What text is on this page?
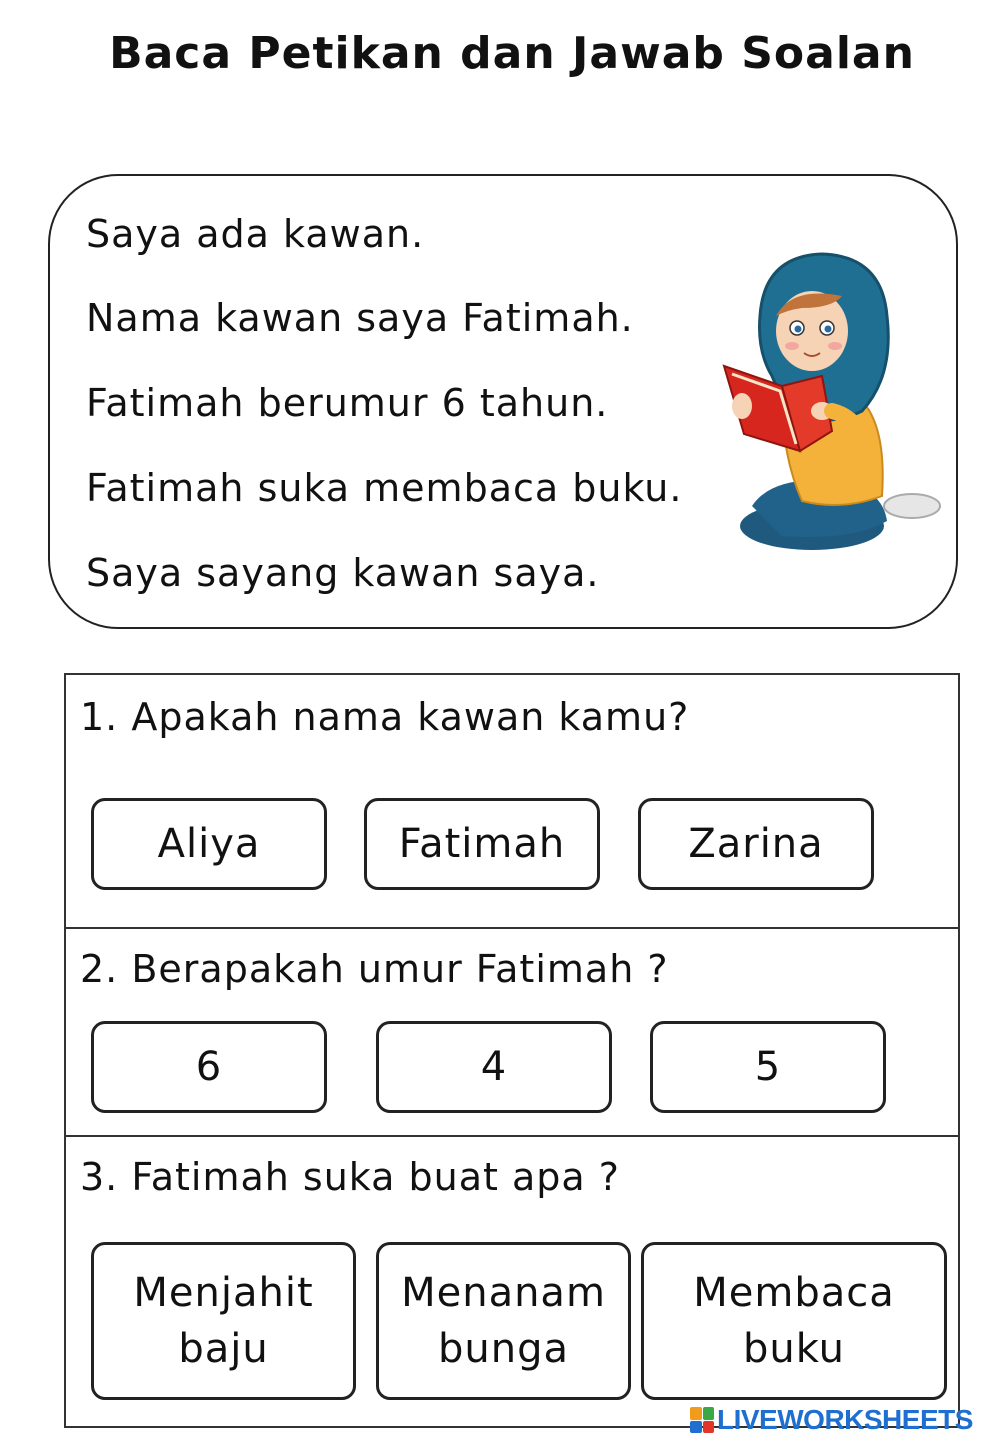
Baca Petikan dan Jawab Soalan
Saya ada kawan.
Nama kawan saya Fatimah.
Fatimah berumur 6 tahun.
Fatimah suka membaca buku.
Saya sayang kawan saya.
1. Apakah nama kawan kamu?
Aliya	Fatimah	Zarina
2. Berapakah umur Fatimah ?
6	4	5
3. Fatimah suka buat apa ?
Menjahit
baju
Menanam
bunga
Membaca
buku
LIVEWORKSHEETS
